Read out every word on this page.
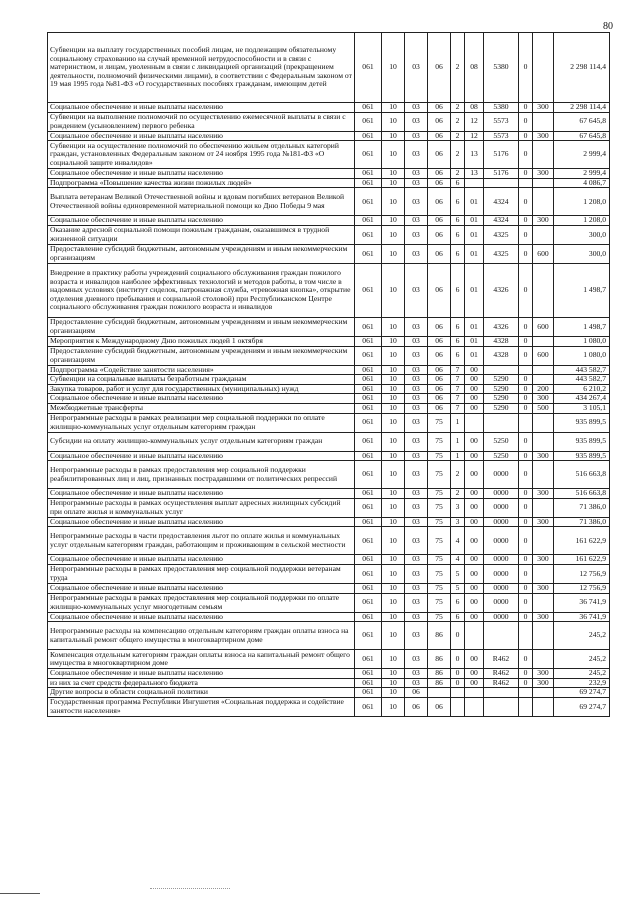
80
Субвенции на выплату государственных пособий лицам, не подлежащим обязательному социальному страхованию на случай временной нетрудоспособности и в связи с материнством, и лицам, уволенным в связи с ликвидацией организаций (прекращением деятельности, полномочий физическими лицами), в соответствии с Федеральным законом от 19 мая 1995 года №81-ФЗ «О государственных пособиях гражданам, имеющим детей	061	10	03	06	2	08	5380	0		2 298 114,4
Социальное обеспечение и иные выплаты населению	061	10	03	06	2	08	5380	0	300	2 298 114,4
Субвенции на выполнение полномочий по осуществлению ежемесячной выплаты в связи с рождением (усыновлением) первого ребенка	061	10	03	06	2	12	5573	0		67 645,8
Социальное обеспечение и иные выплаты населению	061	10	03	06	2	12	5573	0	300	67 645,8
Субвенции на осуществление полномочий по обеспечению жильем отдельных категорий граждан, установленных Федеральным законом от 24 ноября 1995 года №181-ФЗ «О социальной защите инвалидов»	061	10	03	06	2	13	5176	0		2 999,4
Социальное обеспечение и иные выплаты населению	061	10	03	06	2	13	5176	0	300	2 999,4
Подпрограмма «Повышение качества жизни пожилых людей»	061	10	03	06	6					4 086,7
Выплата ветеранам Великой Отечественной войны и вдовам погибших ветеранов Великой Отечественной войны единовременной материальной помощи ко Дню Победы 9 мая	061	10	03	06	6	01	4324	0		1 208,0
Социальное обеспечение и иные выплаты населению	061	10	03	06	6	01	4324	0	300	1 208,0
Оказание адресной социальной помощи пожилым гражданам, оказавшимся в трудной жизненной ситуации	061	10	03	06	6	01	4325	0		300,0
Предоставление субсидий бюджетным, автономным учреждениям и иным некоммерческим организациям	061	10	03	06	6	01	4325	0	600	300,0
Внедрение в практику работы учреждений социального обслуживания граждан пожилого возраста и инвалидов наиболее эффективных технологий и методов работы, в том числе в надомных условиях (институт сиделок, патронажная служба, «тревожная кнопка», открытие отделения дневного пребывания и социальной столовой) при Республиканском Центре социального обслуживания граждан пожилого возраста и инвалидов	061	10	03	06	6	01	4326	0		1 498,7
Предоставление субсидий бюджетным, автономным учреждениям и иным некоммерческим организациям	061	10	03	06	6	01	4326	0	600	1 498,7
Мероприятия к Международному Дню пожилых людей 1 октября	061	10	03	06	6	01	4328	0		1 080,0
Предоставление субсидий бюджетным, автономным учреждениям и иным некоммерческим организациям	061	10	03	06	6	01	4328	0	600	1 080,0
Подпрограмма «Содействие занятости населения»	061	10	03	06	7	00				443 582,7
Субвенции на социальные выплаты безработным гражданам	061	10	03	06	7	00	5290	0		443 582,7
Закупка товаров, работ и услуг для государственных (муниципальных) нужд	061	10	03	06	7	00	5290	0	200	6 210,2
Социальное обеспечение и иные выплаты населению	061	10	03	06	7	00	5290	0	300	434 267,4
Межбюджетные трансферты	061	10	03	06	7	00	5290	0	500	3 105,1
Непрограммные расходы в рамках реализации мер социальной поддержки по оплате жилищно-коммунальных услуг отдельным категориям граждан	061	10	03	75	1					935 899,5
Субсидии на оплату жилищно-коммунальных услуг отдельным категориям граждан	061	10	03	75	1	00	5250	0		935 899,5
Социальное обеспечение и иные выплаты населению	061	10	03	75	1	00	5250	0	300	935 899,5
Непрограммные расходы в рамках предоставления мер социальной поддержки реабилитированных лиц и лиц, признанных пострадавшими от политических репрессий	061	10	03	75	2	00	0000	0		516 663,8
Социальное обеспечение и иные выплаты населению	061	10	03	75	2	00	0000	0	300	516 663,8
Непрограммные расходы в рамках осуществления выплат адресных жилищных субсидий при оплате жилья и коммунальных услуг	061	10	03	75	3	00	0000	0		71 386,0
Социальное обеспечение и иные выплаты населению	061	10	03	75	3	00	0000	0	300	71 386,0
Непрограммные расходы в части предоставления льгот по оплате жилья и коммунальных услуг отдельным категориям граждан, работающим и проживающим в сельской местности	061	10	03	75	4	00	0000	0		161 622,9
Социальное обеспечение и иные выплаты населению	061	10	03	75	4	00	0000	0	300	161 622,9
Непрограммные расходы в рамках предоставления мер социальной поддержки ветеранам труда	061	10	03	75	5	00	0000	0		12 756,9
Социальное обеспечение и иные выплаты населению	061	10	03	75	5	00	0000	0	300	12 756,9
Непрограммные расходы в рамках предоставления мер социальной поддержки по оплате жилищно-коммунальных услуг многодетным семьям	061	10	03	75	6	00	0000	0		36 741,9
Социальное обеспечение и иные выплаты населению	061	10	03	75	6	00	0000	0	300	36 741,9
Непрограммные расходы на компенсацию отдельным категориям граждан оплаты взноса на капитальный ремонт общего имущества в многоквартирном доме	061	10	03	86	0					245,2
Компенсация отдельным категориям граждан оплаты взноса на капитальный ремонт общего имущества в многоквартирном доме	061	10	03	86	0	00	R462	0		245,2
Социальное обеспечение и иные выплаты населению	061	10	03	86	0	00	R462	0	300	245,2
из них за счет средств федерального бюджета	061	10	03	86	0	00	R462	0	300	232,9
Другие вопросы в области социальной политики	061	10	06							69 274,7
Государственная программа Республики Ингушетия «Социальная поддержка и содействие занятости населения»	061	10	06	06						69 274,7
